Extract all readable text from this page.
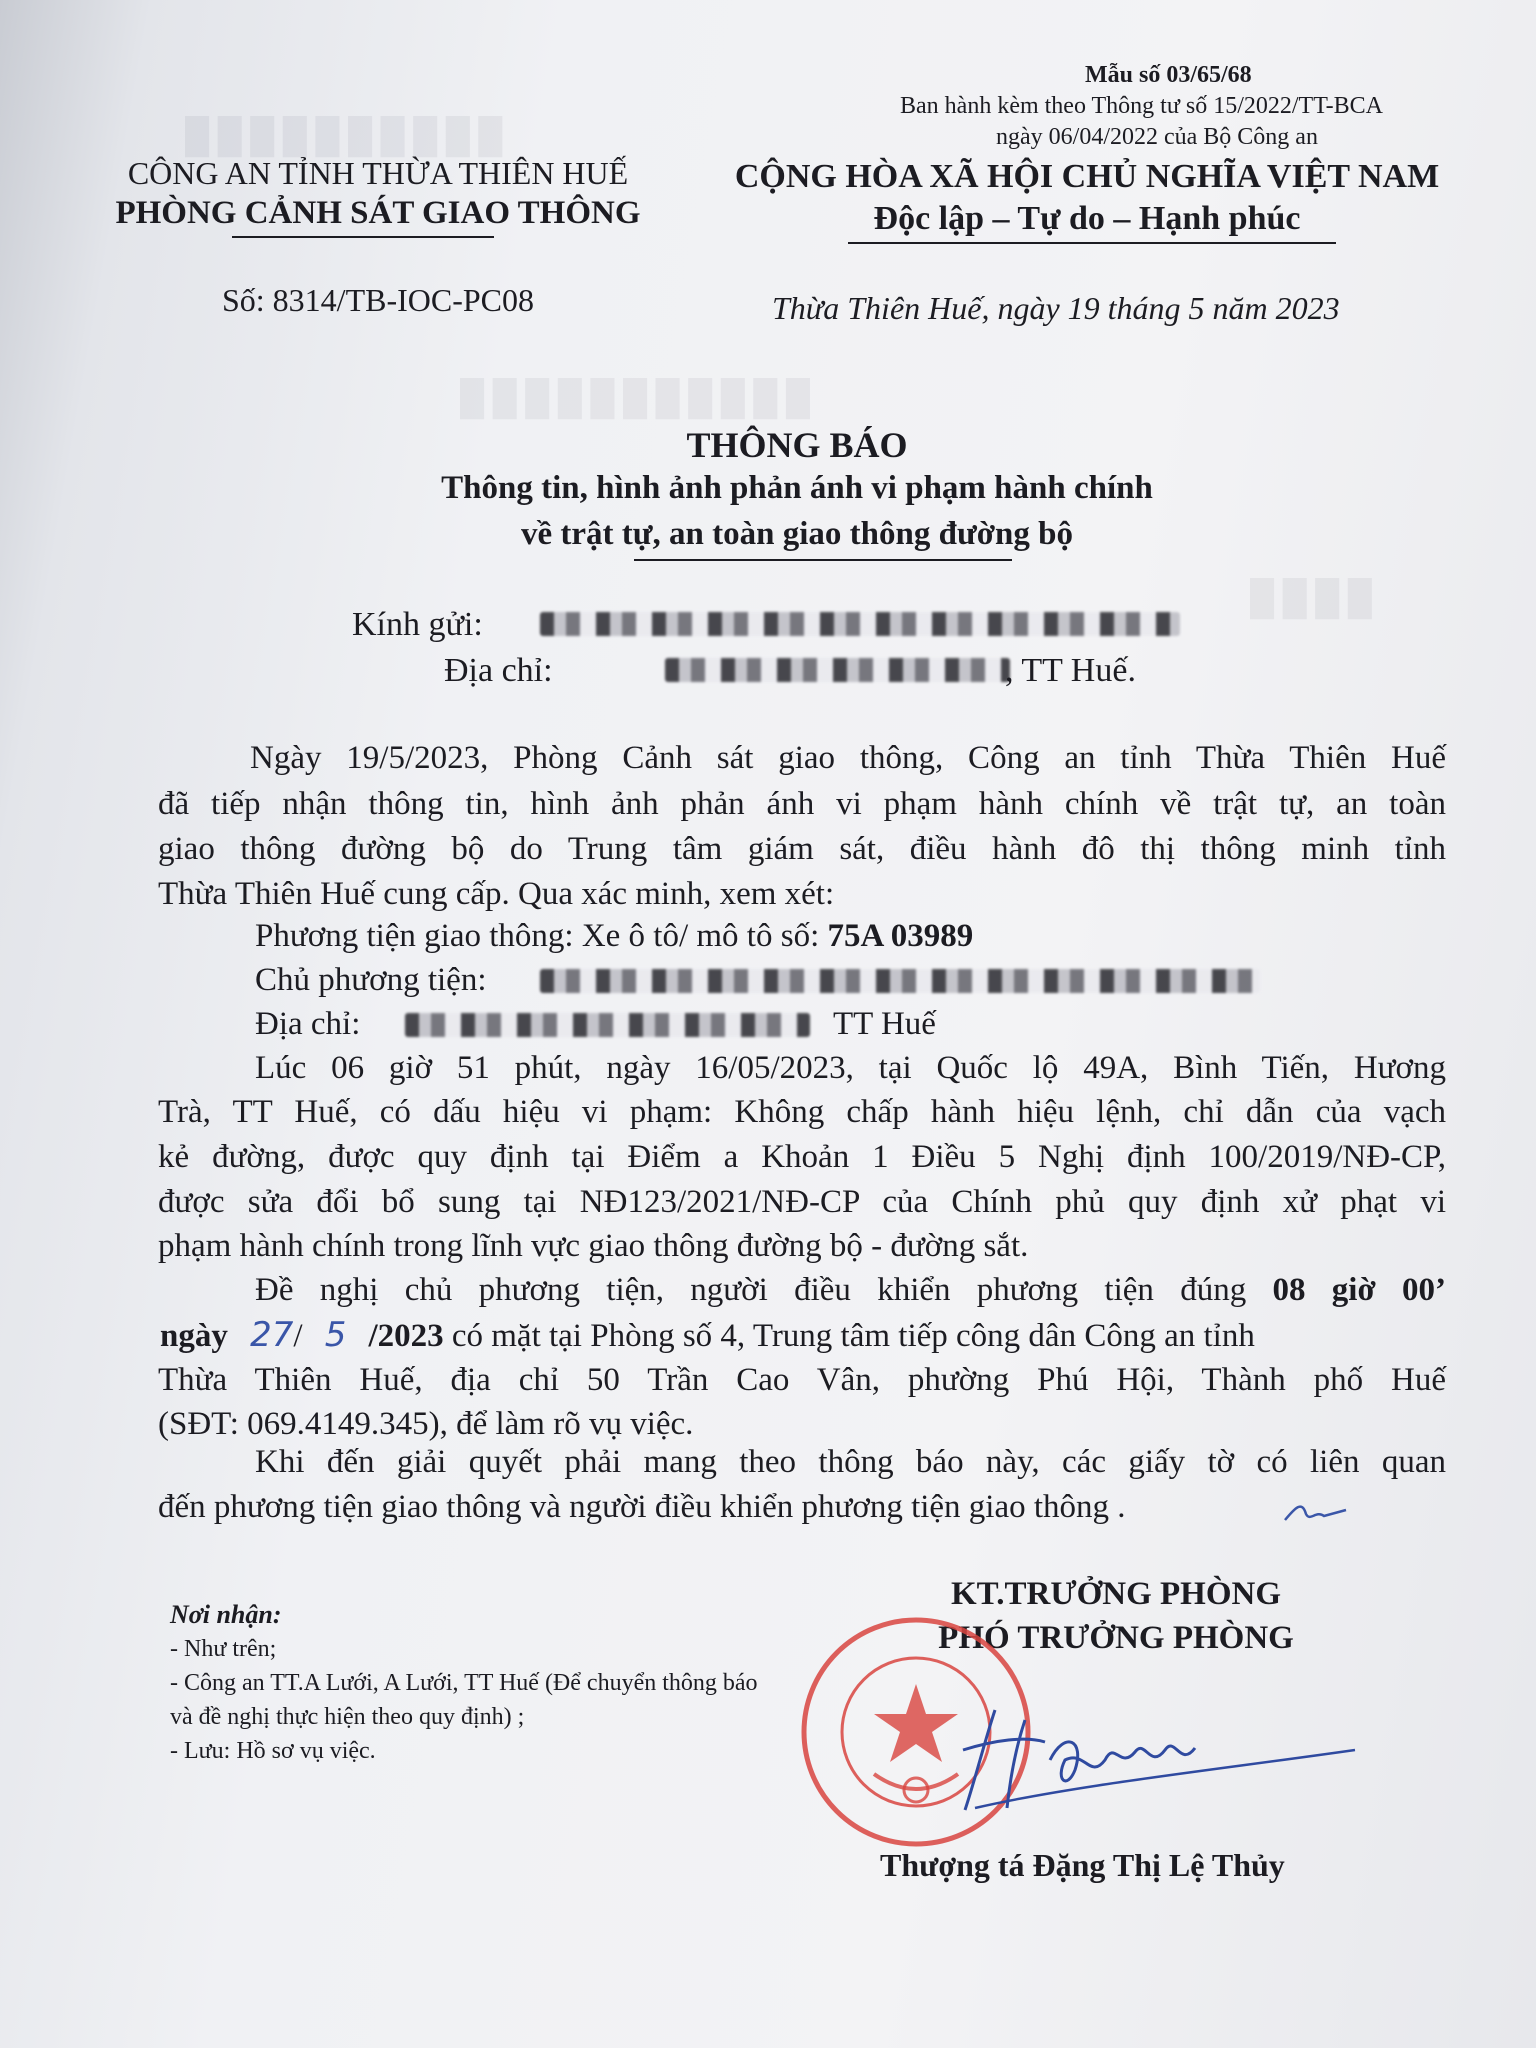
█ █ █ █ █ █ █ █ █ █
█ █ █ █ █ █ █ █ █ █ █
█ █ █ █
Mẫu số 03/65/68
Ban hành kèm theo Thông tư số 15/2022/TT-BCA
ngày 06/04/2022 của Bộ Công an
CÔNG AN TỈNH THỪA THIÊN HUẾ
PHÒNG CẢNH SÁT GIAO THÔNG
Số: 8314/TB-IOC-PC08
CỘNG HÒA XÃ HỘI CHỦ NGHĨA VIỆT NAM
Độc lập – Tự do – Hạnh phúc
Thừa Thiên Huế, ngày 19 tháng 5 năm 2023
THÔNG BÁO
Thông tin, hình ảnh phản ánh vi phạm hành chính
về trật tự, an toàn giao thông đường bộ
Kính gửi:
Địa chỉ:	, TT Huế.
Ngày 19/5/2023, Phòng Cảnh sát giao thông, Công an tỉnh Thừa Thiên Huế
đã tiếp nhận thông tin, hình ảnh phản ánh vi phạm hành chính về trật tự, an toàn
giao thông đường bộ do Trung tâm giám sát, điều hành đô thị thông minh tỉnh
Thừa Thiên Huế cung cấp. Qua xác minh, xem xét:
Phương tiện giao thông: Xe ô tô/ mô tô số: 75A 03989
Chủ phương tiện:
Địa chỉ:	TT Huế
Lúc 06 giờ 51 phút, ngày 16/05/2023, tại Quốc lộ 49A, Bình Tiến, Hương
Trà, TT Huế, có dấu hiệu vi phạm: Không chấp hành hiệu lệnh, chỉ dẫn của vạch
kẻ đường, được quy định tại Điểm a Khoản 1 Điều 5 Nghị định 100/2019/NĐ-CP,
được sửa đổi bổ sung tại NĐ123/2021/NĐ-CP của Chính phủ quy định xử phạt vi
phạm hành chính trong lĩnh vực giao thông đường bộ - đường sắt.
Đề nghị chủ phương tiện, người điều khiển phương tiện đúng 08 giờ 00’
ngày 27/ 5 /2023 có mặt tại Phòng số 4, Trung tâm tiếp công dân Công an tỉnh
Thừa Thiên Huế, địa chỉ 50 Trần Cao Vân, phường Phú Hội, Thành phố Huế
(SĐT: 069.4149.345), để làm rõ vụ việc.
Khi đến giải quyết phải mang theo thông báo này, các giấy tờ có liên quan
đến phương tiện giao thông và người điều khiển phương tiện giao thông .
Nơi nhận:
- Như trên;
- Công an TT.A Lưới, A Lưới, TT Huế (Để chuyển thông báo và đề nghị thực hiện theo quy định) ;
- Lưu: Hồ sơ vụ việc.
KT.TRƯỞNG PHÒNG
PHÓ TRƯỞNG PHÒNG
Thượng tá Đặng Thị Lệ Thủy
